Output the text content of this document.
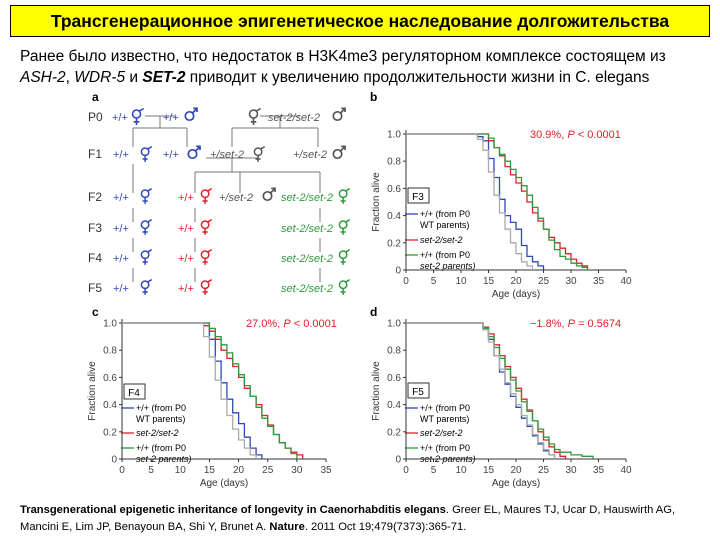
Трансгенерационное эпигенетическое наследование долгожительства
Ранее было известно, что недостаток в H3K4me3 регуляторном комплексе состоящем из
ASH-2, WDR-5 и SET-2 приводит к увеличению продолжительности жизни in C. elegans
a
P0
F1
F2
F3
F4
F5
+/+	+/+	set-2/set-2
+/+	+/+	+/set-2	+/set-2
+/+	+/+ +/set-2	set-2/set-2
+/+	+/+	set-2/set-2
+/+	+/+	set-2/set-2
+/+	+/+	set-2/set-2
b
30.9%, P < 0.0001
F3
+/+ (from P0
WT parents)
set-2/set-2
+/+ (from P0
set-2 parents)
c
27.0%, P < 0.0001
F4
+/+ (from P0
WT parents)
set-2/set-2
+/+ (from P0
set-2 parents)
d
−1.8%, P = 0.5674
F5
+/+ (from P0
WT parents)
set-2/set-2
+/+ (from P0
set-2 parents)
0
0.2
0.4
0.6
0.8
1.0
0 5 10 15 20 25 30 35 40
Age (days)
Fraction alive
0
0.2
0.4
0.6
0.8
1.0
0 5 10 15 20 25 30 35
Age (days)
Fraction alive
0
0.2
0.4
0.6
0.8
1.0
0 5 10 15 20 25 30 35 40
Age (days)
Fraction alive
Transgenerational epigenetic inheritance of longevity in Caenorhabditis elegans. Greer EL, Maures TJ, Ucar D, Hauswirth AG, Mancini E, Lim JP, Benayoun BA, Shi Y, Brunet A. Nature. 2011 Oct 19;479(7373):365-71.
